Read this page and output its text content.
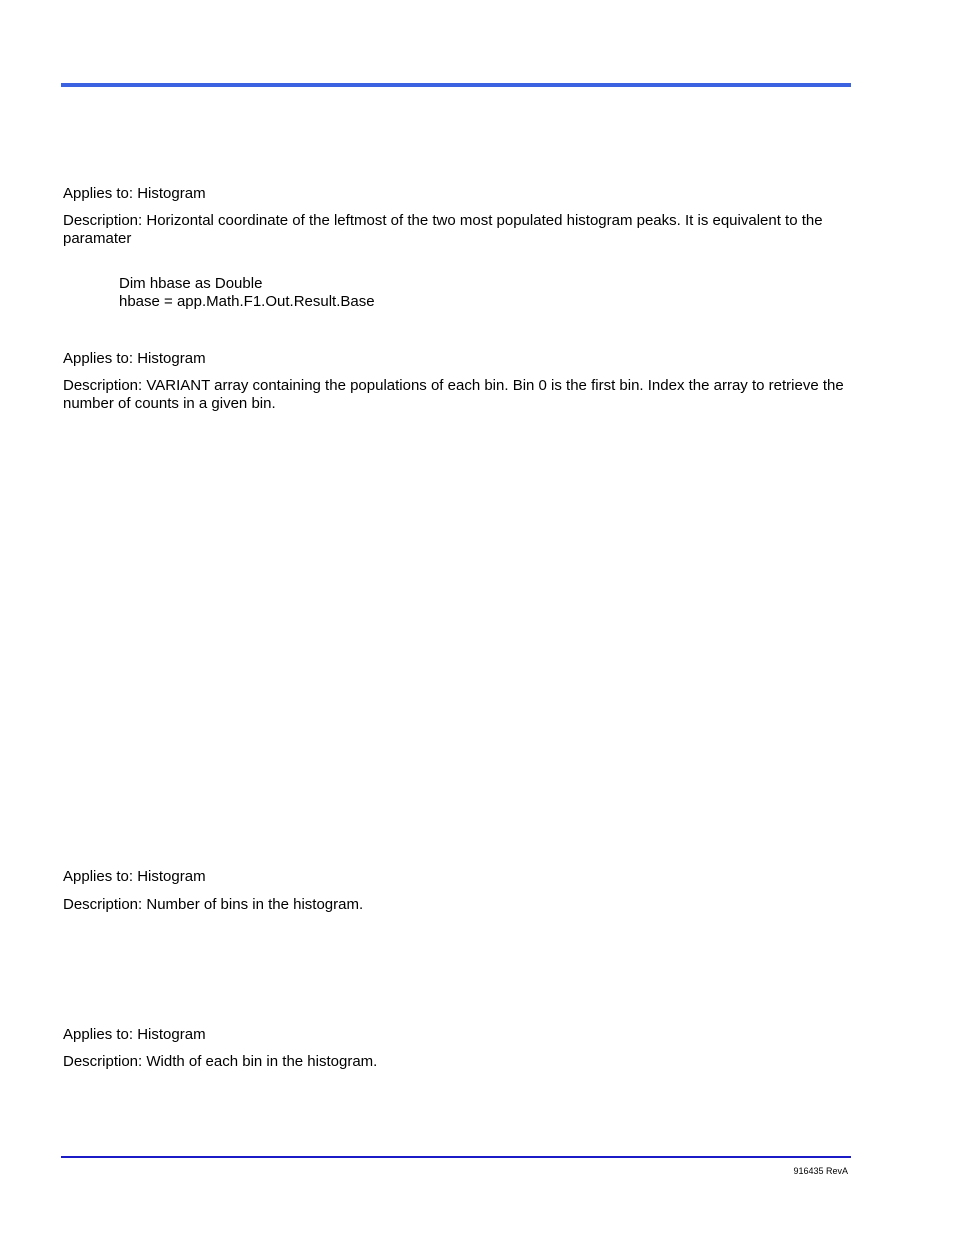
Applies to: Histogram

Description: Horizontal coordinate of the leftmost of the two most populated histogram peaks. It is equivalent to the paramater

Dim hbase as Double

hbase = app.Math.F1.Out.Result.Base

Applies to: Histogram

Description: VARIANT array containing the populations of each bin. Bin 0 is the first bin. Index the array to retrieve the number of counts in a given bin.

Applies to: Histogram

Description: Number of bins in the histogram.

Applies to: Histogram

Description: Width of each bin in the histogram.

916435 RevA
